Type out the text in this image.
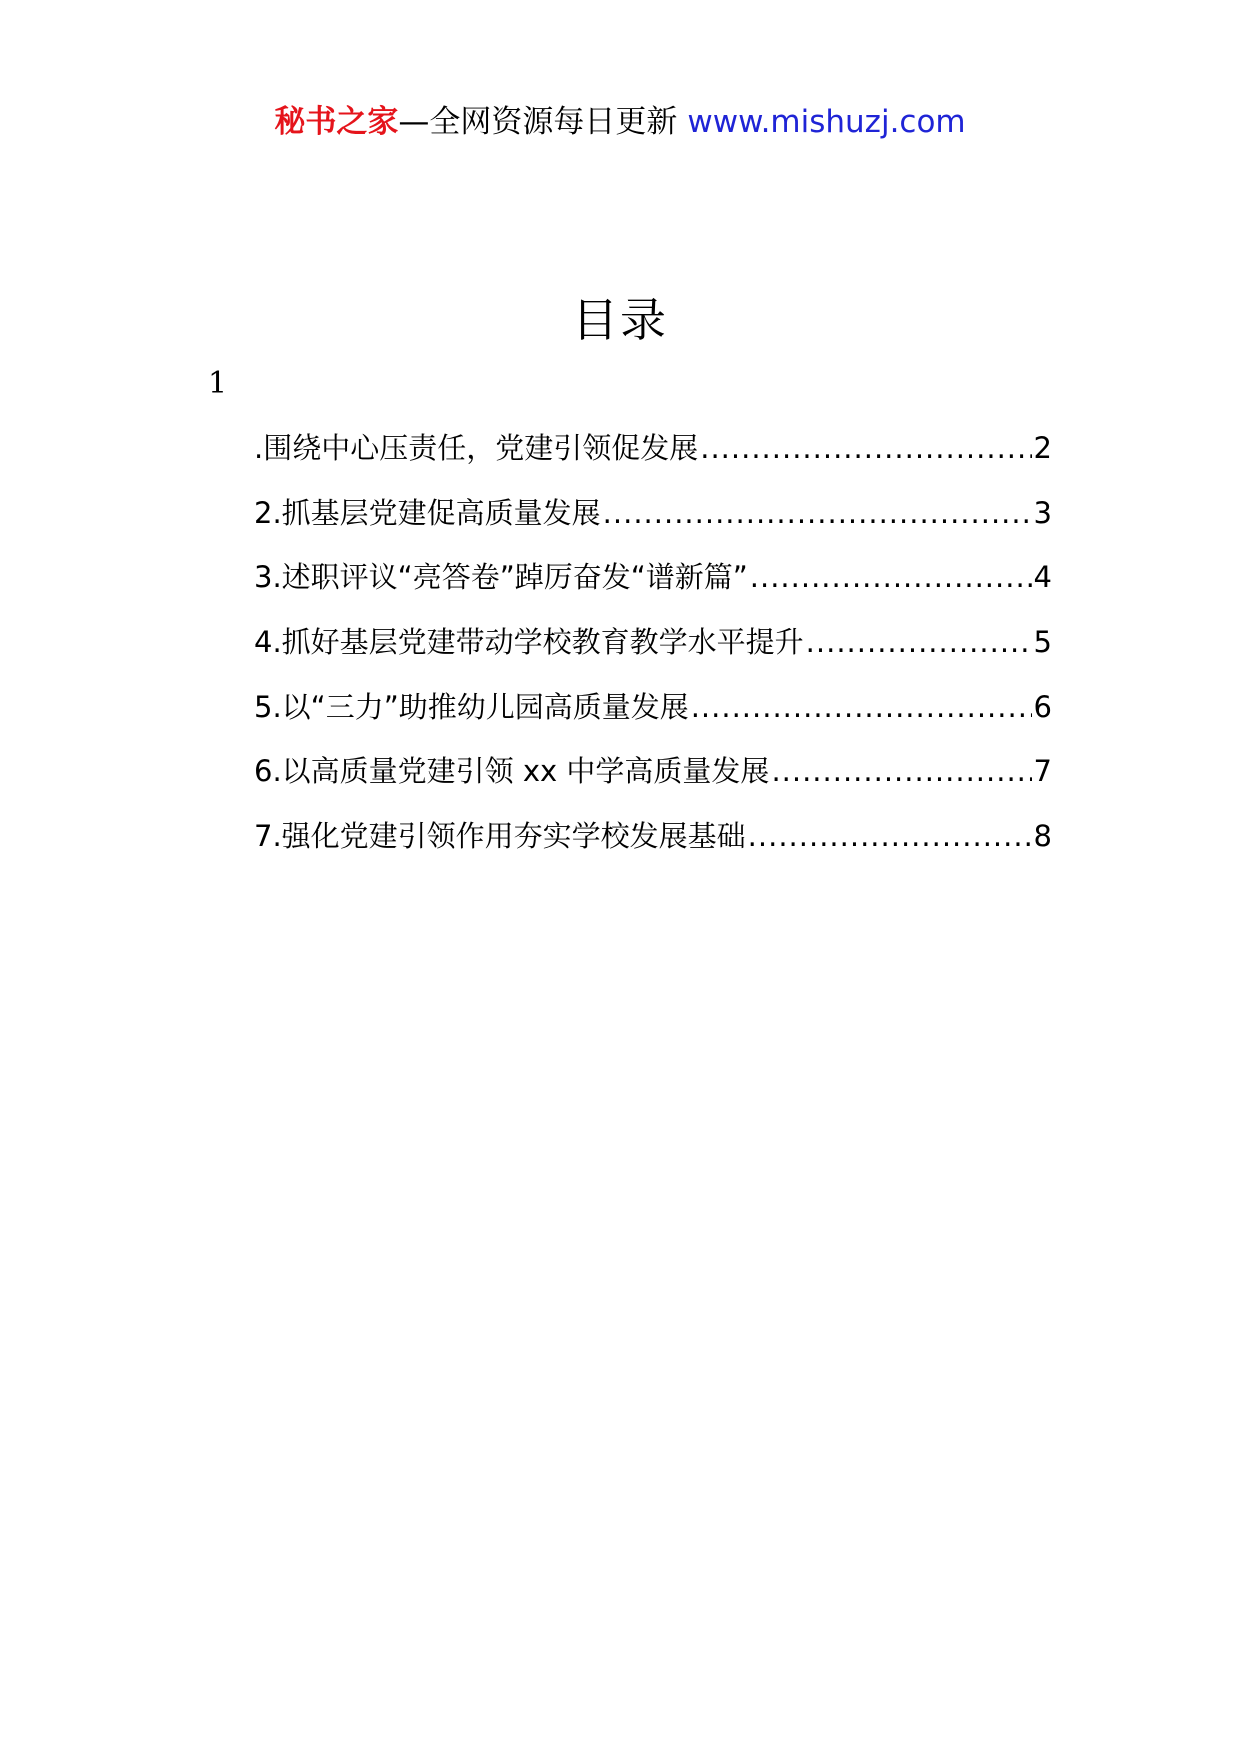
秘书之家—全网资源每日更新 www.mishuzj.com
目录
1
.围绕中心压责任，党建引领促发展 .....	2
2.抓基层党建促高质量发展 .....	3
3.述职评议“亮答卷”踔厉奋发“谱新篇” .....	4
4.抓好基层党建带动学校教育教学水平提升 .....	5
5.以“三力”助推幼儿园高质量发展 .....	6
6.以高质量党建引领 xx 中学高质量发展 .....	7
7.强化党建引领作用夯实学校发展基础 .....	8
